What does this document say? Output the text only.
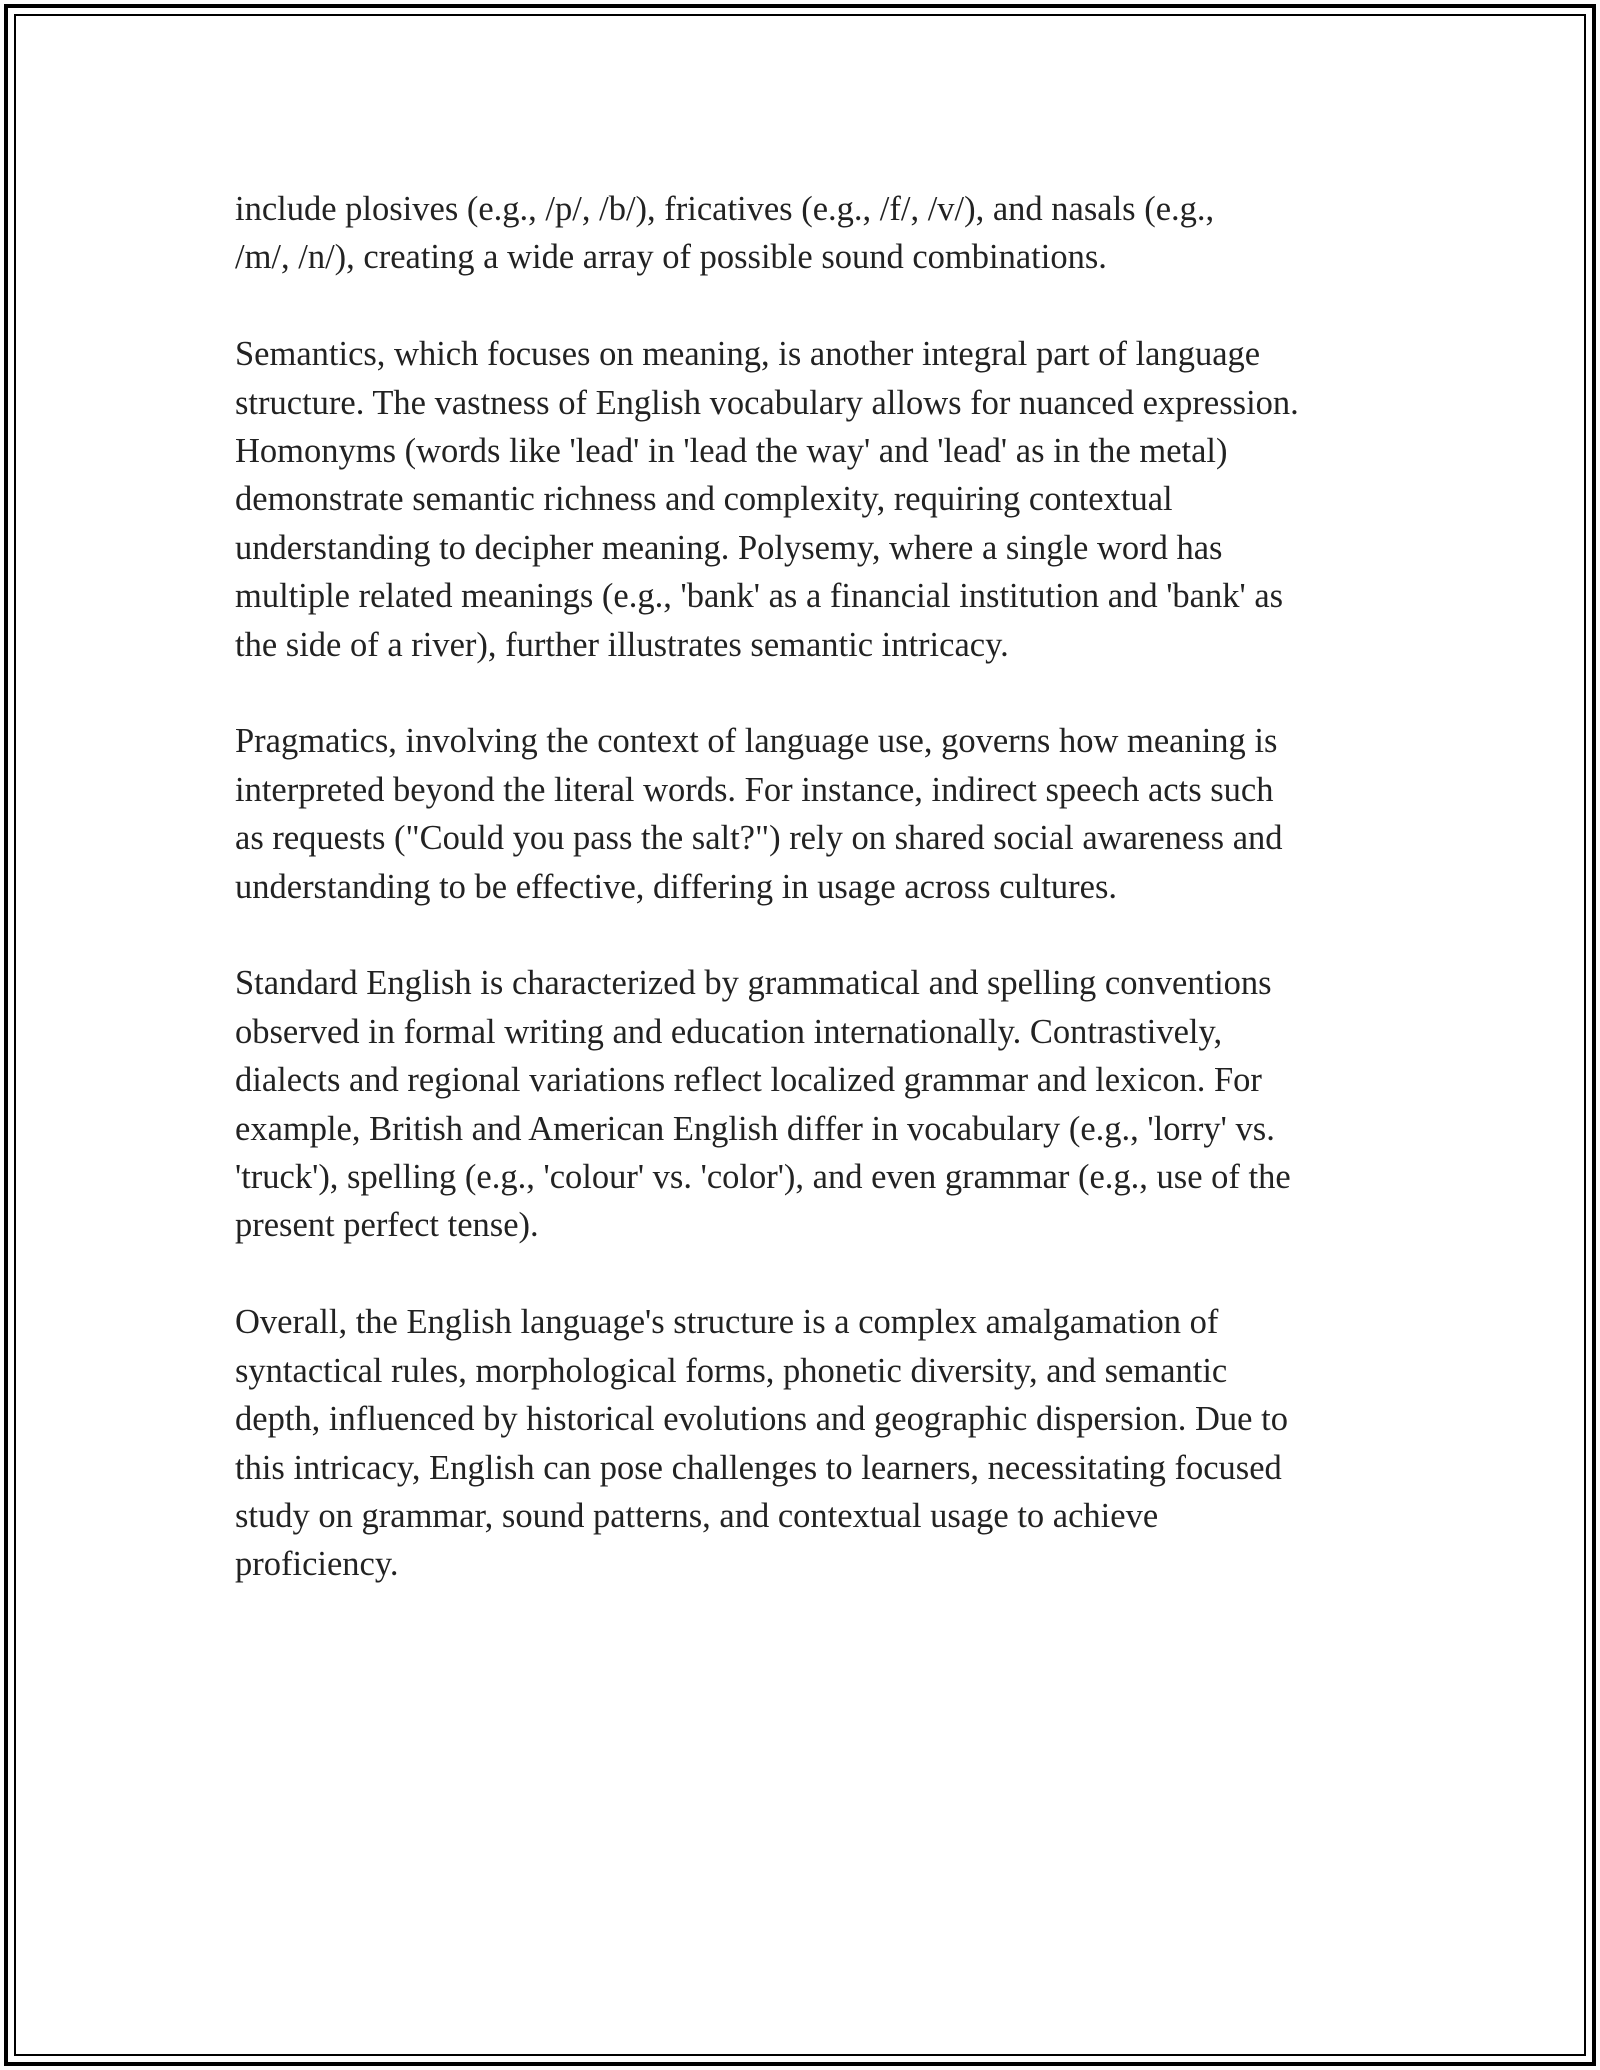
include plosives (e.g., /p/, /b/), fricatives (e.g., /f/, /v/), and nasals (e.g.,
/m/, /n/), creating a wide array of possible sound combinations.

Semantics, which focuses on meaning, is another integral part of language
structure. The vastness of English vocabulary allows for nuanced expression.
Homonyms (words like 'lead' in 'lead the way' and 'lead' as in the metal)
demonstrate semantic richness and complexity, requiring contextual
understanding to decipher meaning. Polysemy, where a single word has
multiple related meanings (e.g., 'bank' as a financial institution and 'bank' as
the side of a river), further illustrates semantic intricacy.

Pragmatics, involving the context of language use, governs how meaning is
interpreted beyond the literal words. For instance, indirect speech acts such
as requests ("Could you pass the salt?") rely on shared social awareness and
understanding to be effective, differing in usage across cultures.

Standard English is characterized by grammatical and spelling conventions
observed in formal writing and education internationally. Contrastively,
dialects and regional variations reflect localized grammar and lexicon. For
example, British and American English differ in vocabulary (e.g., 'lorry' vs.
'truck'), spelling (e.g., 'colour' vs. 'color'), and even grammar (e.g., use of the
present perfect tense).

Overall, the English language's structure is a complex amalgamation of
syntactical rules, morphological forms, phonetic diversity, and semantic
depth, influenced by historical evolutions and geographic dispersion. Due to
this intricacy, English can pose challenges to learners, necessitating focused
study on grammar, sound patterns, and contextual usage to achieve
proficiency.
